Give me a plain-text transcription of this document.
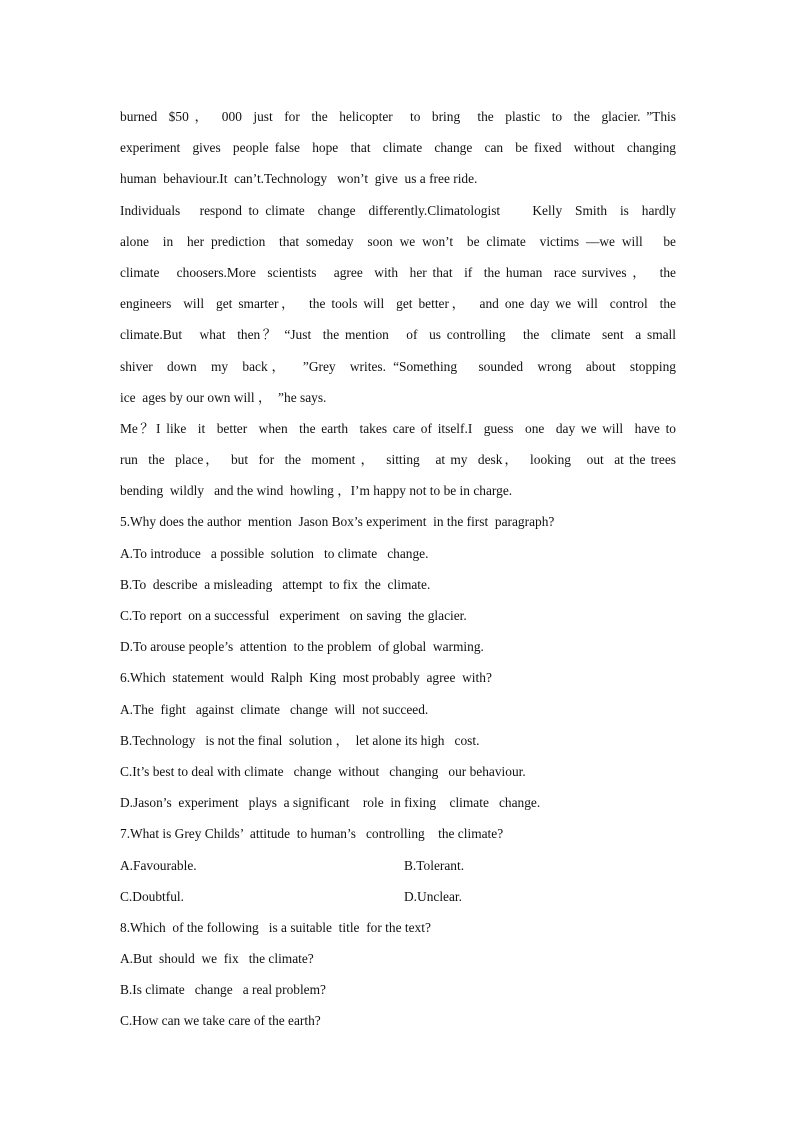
burned  $50 ，  000  just  for  the  helicopter   to  bring   the  plastic  to  the  glacier. ”This
experiment  gives  people false  hope  that  climate  change  can  be fixed  without  changing
human  behaviour.It  can’t.Technology   won’t  give  us a free ride.
Individuals   respond to climate  change  differently.Climatologist     Kelly  Smith  is  hardly
alone  in  her prediction  that someday  soon we won’t  be climate  victims —we will   be
climate   choosers.More  scientists   agree  with  her that  if  the human  race survives ，  the
engineers  will  get smarter，  the tools will  get better，  and one day we will  control  the
climate.But   what  then？ “Just  the mention   of  us controlling   the  climate  sent  a small
shiver  down  my  back，  ”Grey  writes. “Something   sounded  wrong  about  stopping
ice  ages by our own will ，  ”he says.
Me？I like  it  better  when  the earth  takes care of itself.I  guess  one  day we will  have to
run  the  place，  but  for  the  moment ，  sitting   at my  desk，  looking   out  at the trees
bending  wildly   and the wind  howling ，I’m happy not to be in charge.
5.Why does the author  mention  Jason Box’s experiment  in the first  paragraph?
A.To introduce   a possible  solution   to climate   change.
B.To  describe  a misleading   attempt  to fix  the  climate.
C.To report  on a successful   experiment   on saving  the glacier.
D.To arouse people’s  attention  to the problem  of global  warming.
6.Which  statement  would  Ralph  King  most probably  agree  with?
A.The  fight   against  climate   change  will  not succeed.
B.Technology   is not the final  solution ，  let alone its high   cost.
C.It’s best to deal with climate   change  without   changing   our behaviour.
D.Jason’s  experiment   plays  a significant    role  in fixing    climate   change.
7.What is Grey Childs’  attitude  to human’s   controlling    the climate?
A.Favourable.	B.Tolerant.
C.Doubtful.	D.Unclear.
8.Which  of the following   is a suitable  title  for the text?
A.But  should  we  fix   the climate?
B.Is climate   change   a real problem?
C.How can we take care of the earth?
